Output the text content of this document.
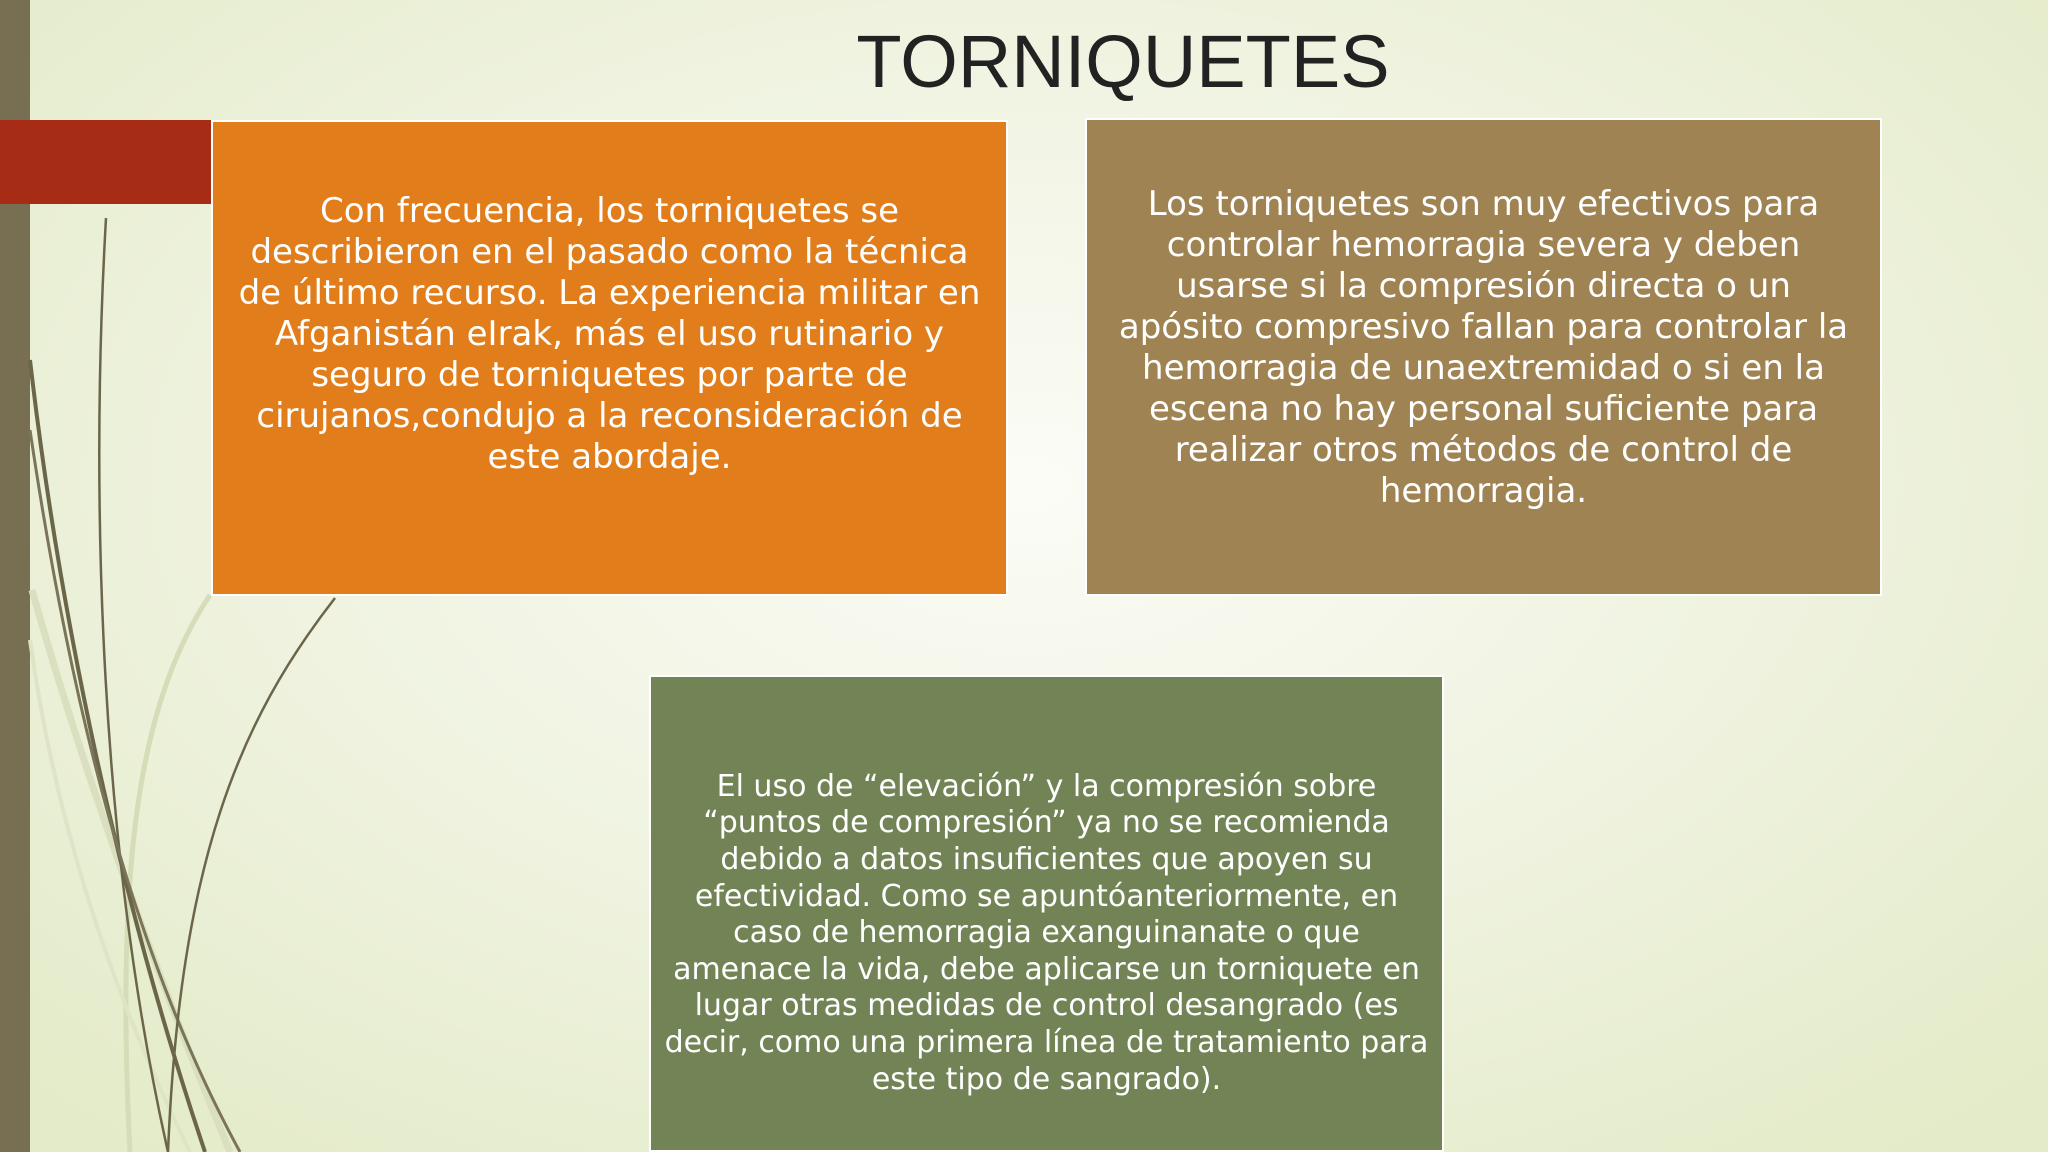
TORNIQUETES

Con frecuencia, los torniquetes se describieron en el pasado como la técnica de último recurso. La experiencia militar en Afganistán eIrak, más el uso rutinario y seguro de torniquetes por parte de cirujanos,condujo a la reconsideración de este abordaje.

Los torniquetes son muy efectivos para controlar hemorragia severa y deben usarse si la compresión directa o un apósito compresivo fallan para controlar la hemorragia de unaextremidad o si en la escena no hay personal suficiente para realizar otros métodos de control de hemorragia.

El uso de “elevación” y la compresión sobre “puntos de compresión” ya no se recomienda debido a datos insuficientes que apoyen su efectividad. Como se apuntóanteriormente, en caso de hemorragia exanguinanate o que amenace la vida, debe aplicarse un torniquete en lugar otras medidas de control desangrado (es decir, como una primera línea de tratamiento para este tipo de sangrado).
